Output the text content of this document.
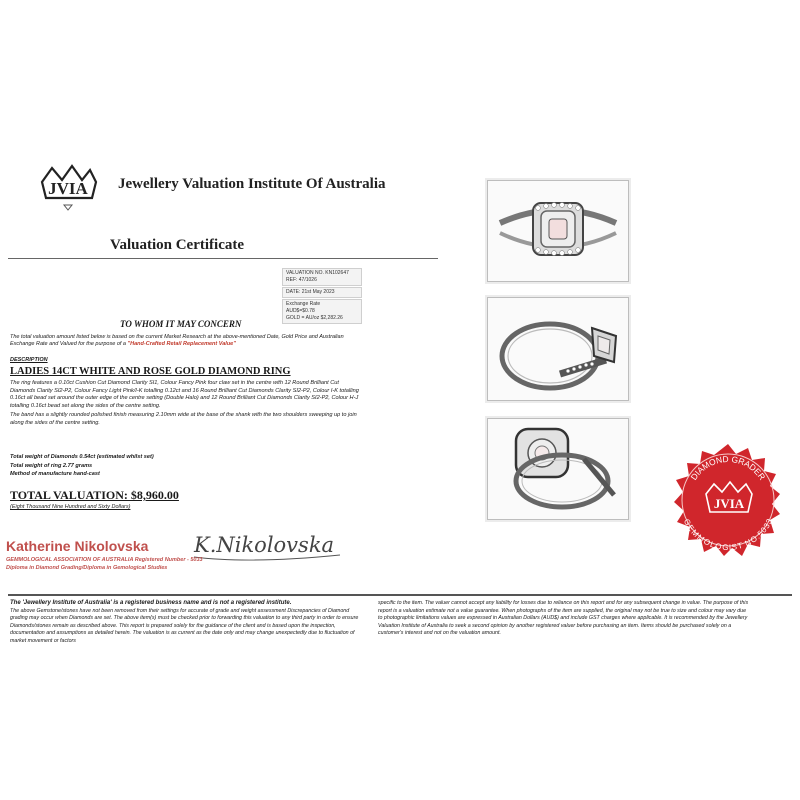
JVIA Jewellery Valuation Institute Of Australia
Valuation Certificate
VALUATION NO. KN102647
REF: 47/1026
DATE: 21st May 2023
Exchange Rate
AUD$=$0.78
GOLD = AU/oz $2,282.26
TO WHOM IT MAY CONCERN
The total valuation amount listed below is based on the current Market Research at the above-mentioned Date, Gold Price and Australian Exchange Rate and Valued for the purpose of a "Hand-Crafted Retail Replacement Value"
DESCRIPTION
LADIES 14CT WHITE AND ROSE GOLD DIAMOND RING

The ring features a 0.10ct Cushion Cut Diamond Clarity SI1, Colour Fancy Pink four claw set in the centre with 12 Round Brilliant Cut Diamonds Clarity SI2-P2, Colour Fancy Light Pink/I-K totalling 0.12ct and 16 Round Brilliant Cut Diamonds Clarity SI2-P2, Colour I-K totalling 0.16ct all bead set around the outer edge of the centre setting (Double Halo) and 12 Round Brilliant Cut Diamonds Clarity SI2-P2, Colour H-J totalling 0.16ct bead set along the sides of the centre setting.

The band has a slightly rounded polished finish measuring 2.10mm wide at the base of the shank with the two shoulders sweeping up to join along the sides of the centre setting.

Total weight of Diamonds 0.54ct (estimated whilst set)
Total weight of ring 2.77 grams
Method of manufacture hand-cast
TOTAL VALUATION: $8,960.00
(Eight Thousand Nine Hundred and Sixty Dollars)
Katherine Nikolovska K.Nikolovska
GEMMOLOGICAL ASSOCIATION OF AUSTRALIA Registered Number - 5033
Diploma in Diamond Grading/Diploma in Gemological Studies
DIAMOND GRADER
GEMMOLOGIST NO.5033
JVIA
The 'Jewellery Institute of Australia' is a registered business name and is not a registered institute.
The above Gemstone/stones have not been removed from their settings for accurate of grade and weight assessment Discrepancies of Diamond grading may occur when Diamonds are set. The above item(s) must be checked prior to forwarding this valuation to any third party in order to ensure Diamonds/stones remain as described above. This report is prepared solely for the guidance of the client and is based upon the inspection, documentation and assumptions as detailed herein. The valuation is as current as the date only and may change unexpectedly due to fluctuation of market movement or factors
specific to the item. The valuer cannot accept any liability for losses due to reliance on this report and for any subsequent change in value. The purpose of this report is a valuation estimate not a value guarantee. When photographs of the item are supplied, the original may not be true to size and colour may vary due to photographic limitations values are expressed in Australian Dollars (AUD$) and include GST charges where applicable. It is recommended by the Jewellery Valuation Institute of Australia to seek a second opinion by another registered valuer before purchasing an item. Items should be purchased solely on a customer's interest and not on the valuation amount.
